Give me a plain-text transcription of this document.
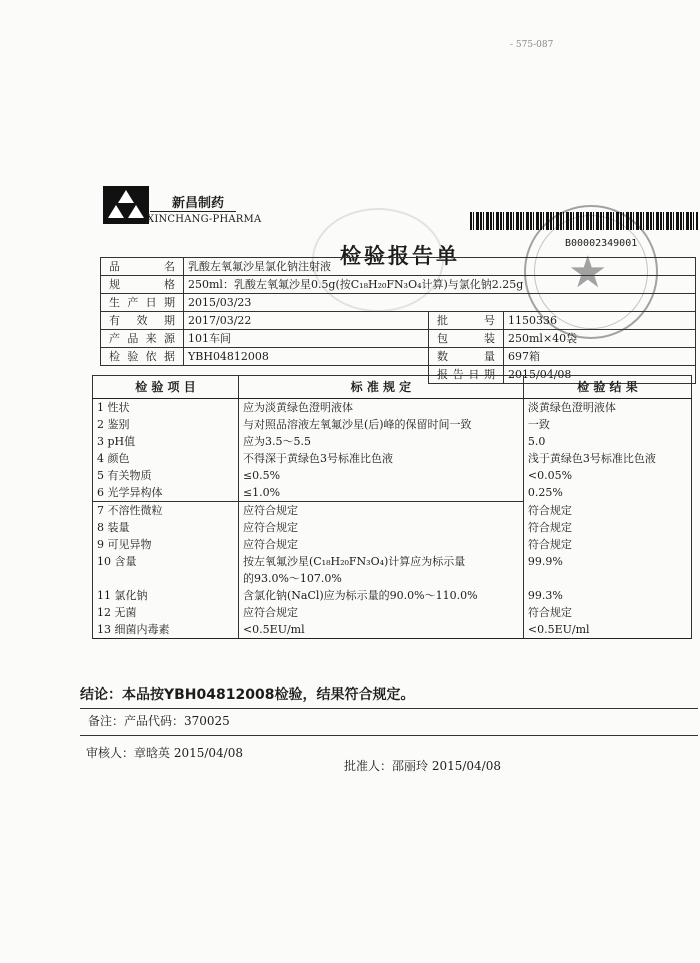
- 575-087
★
新昌制药
XINCHANG-PHARMA
B00002349001
检验报告单
品 名	乳酸左氧氟沙星氯化钠注射液		
规 格	250ml：乳酸左氧氟沙星0.5g(按C₁₈H₂₀FN₃O₄计算)与氯化钠2.25g		
生产日期	2015/03/23		
有 效 期	2017/03/22	批 号	1150336
产品来源	101车间	包 装	250ml×40袋
检验依据	YBH04812008	数 量	697箱
		报告日期	2015/04/08
检 验 项 目	标 准 规 定	检 验 结 果
1 性状	应为淡黄绿色澄明液体	淡黄绿色澄明液体
2 鉴别	与对照品溶液左氧氟沙星(后)峰的保留时间一致	一致
3 pH值	应为3.5～5.5	5.0
4 颜色	不得深于黄绿色3号标准比色液	浅于黄绿色3号标准比色液
5 有关物质	≤0.5%	<0.05%
6 光学异构体	≤1.0%	0.25%
7 不溶性微粒	应符合规定	符合规定
8 装量	应符合规定	符合规定
9 可见异物	应符合规定	符合规定
10 含量	按左氧氟沙星(C₁₈H₂₀FN₃O₄)计算应为标示量	99.9%
	的93.0%～107.0%	
11 氯化钠	含氯化钠(NaCl)应为标示量的90.0%～110.0%	99.3%
12 无菌	应符合规定	符合规定
13 细菌内毒素	<0.5EU/ml	<0.5EU/ml
结论：本品按YBH04812008检验，结果符合规定。
备注：产品代码：370025
审核人：章晗英 2015/04/08
批准人：邵丽玲 2015/04/08
